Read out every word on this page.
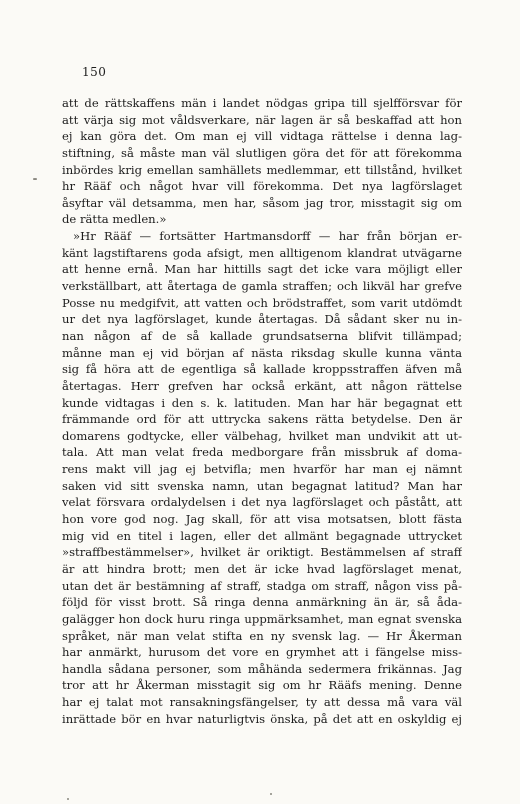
150
att de rättskaffens män i landet nödgas gripa till sjelfförsvar för
att värja sig mot våldsverkare, när lagen är så beskaffad att hon
ej kan göra det. Om man ej vill vidtaga rättelse i denna lag-
stiftning, så måste man väl slutligen göra det för att förekomma
inbördes krig emellan samhällets medlemmar, ett tillstånd, hvilket
hr Rääf och något hvar vill förekomma. Det nya lagförslaget
åsyftar väl detsamma, men har, såsom jag tror, misstagit sig om
de rätta medlen.»
»Hr Rääf — fortsätter Hartmansdorff — har från början er-
känt lagstiftarens goda afsigt, men alltigenom klandrat utvägarne
att henne ernå. Man har hittills sagt det icke vara möjligt eller
verkställbart, att återtaga de gamla straffen; och likväl har grefve
Posse nu medgifvit, att vatten och brödstraffet, som varit utdömdt
ur det nya lagförslaget, kunde återtagas. Då sådant sker nu in-
nan någon af de så kallade grundsatserna blifvit tillämpad;
månne man ej vid början af nästa riksdag skulle kunna vänta
sig få höra att de egentliga så kallade kroppsstraffen äfven må
återtagas. Herr grefven har också erkänt, att någon rättelse
kunde vidtagas i den s. k. latituden. Man har här begagnat ett
främmande ord för att uttrycka sakens rätta betydelse. Den är
domarens godtycke, eller välbehag, hvilket man undvikit att ut-
tala. Att man velat freda medborgare från missbruk af doma-
rens makt vill jag ej betvifla; men hvarför har man ej nämnt
saken vid sitt svenska namn, utan begagnat latitud? Man har
velat försvara ordalydelsen i det nya lagförslaget och påstått, att
hon vore god nog. Jag skall, för att visa motsatsen, blott fästa
mig vid en titel i lagen, eller det allmänt begagnade uttrycket
»straffbestämmelser», hvilket är oriktigt. Bestämmelsen af straff
är att hindra brott; men det är icke hvad lagförslaget menat,
utan det är bestämning af straff, stadga om straff, någon viss på-
följd för visst brott. Så ringa denna anmärkning än är, så åda-
galägger hon dock huru ringa uppmärksamhet, man egnat svenska
språket, när man velat stifta en ny svensk lag. — Hr Åkerman
har anmärkt, hurusom det vore en grymhet att i fängelse miss-
handla sådana personer, som måhända sedermera frikännas. Jag
tror att hr Åkerman misstagit sig om hr Rääfs mening. Denne
har ej talat mot ransakningsfängelser, ty att dessa må vara väl
inrättade bör en hvar naturligtvis önska, på det att en oskyldig ej
